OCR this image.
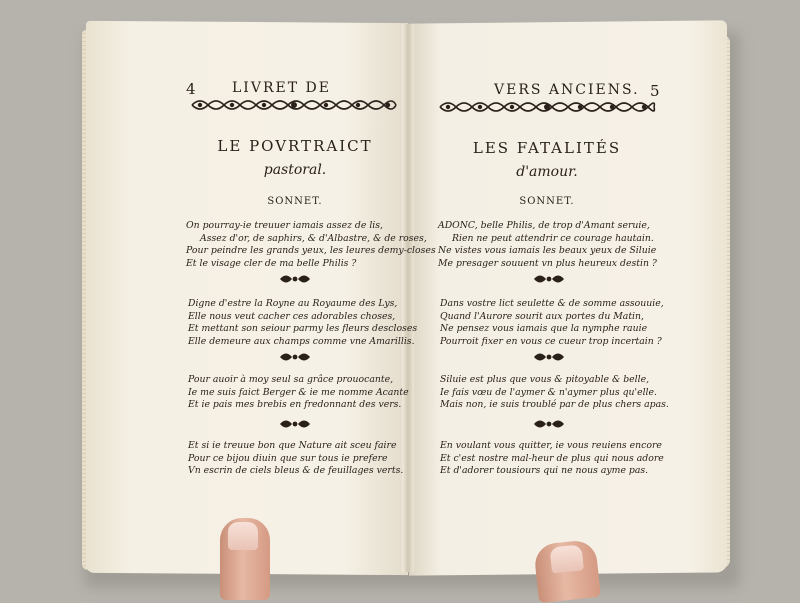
4	LIVRET DE
LE POVRTRAICT
pastoral.
SONNET.
On pourray-ie treuuer iamais assez de lis,
Assez d'or, de saphirs, & d'Albastre, & de roses,
Pour peindre les grands yeux, les leures demy-closes
Et le visage cler de ma belle Philis ?
Digne d'estre la Royne au Royaume des Lys,
Elle nous veut cacher ces adorables choses,
Et mettant son seiour parmy les fleurs descloses
Elle demeure aux champs comme vne Amarillis.
Pour auoir à moy seul sa grâce prouocante,
Ie me suis faict Berger & ie me nomme Acante
Et ie pais mes brebis en fredonnant des vers.
Et si ie treuue bon que Nature ait sceu faire
Pour ce bijou diuin que sur tous ie prefere
Vn escrin de ciels bleus & de feuillages verts.
VERS ANCIENS. 5
LES FATALITÉS
d'amour.
SONNET.
ADONC, belle Philis, de trop d'Amant seruie,
Rien ne peut attendrir ce courage hautain.
Ne vistes vous iamais les beaux yeux de Siluie
Me presager souuent vn plus heureux destin ?
Dans vostre lict seulette & de somme assouuie,
Quand l'Aurore sourit aux portes du Matin,
Ne pensez vous iamais que la nymphe rauie
Pourroit fixer en vous ce cueur trop incertain ?
Siluie est plus que vous & pitoyable & belle,
Ie fais vœu de l'aymer & n'aymer plus qu'elle.
Mais non, ie suis troublé par de plus chers apas.
En voulant vous quitter, ie vous reuiens encore
Et c'est nostre mal-heur de plus qui nous adore
Et d'adorer tousiours qui ne nous ayme pas.
